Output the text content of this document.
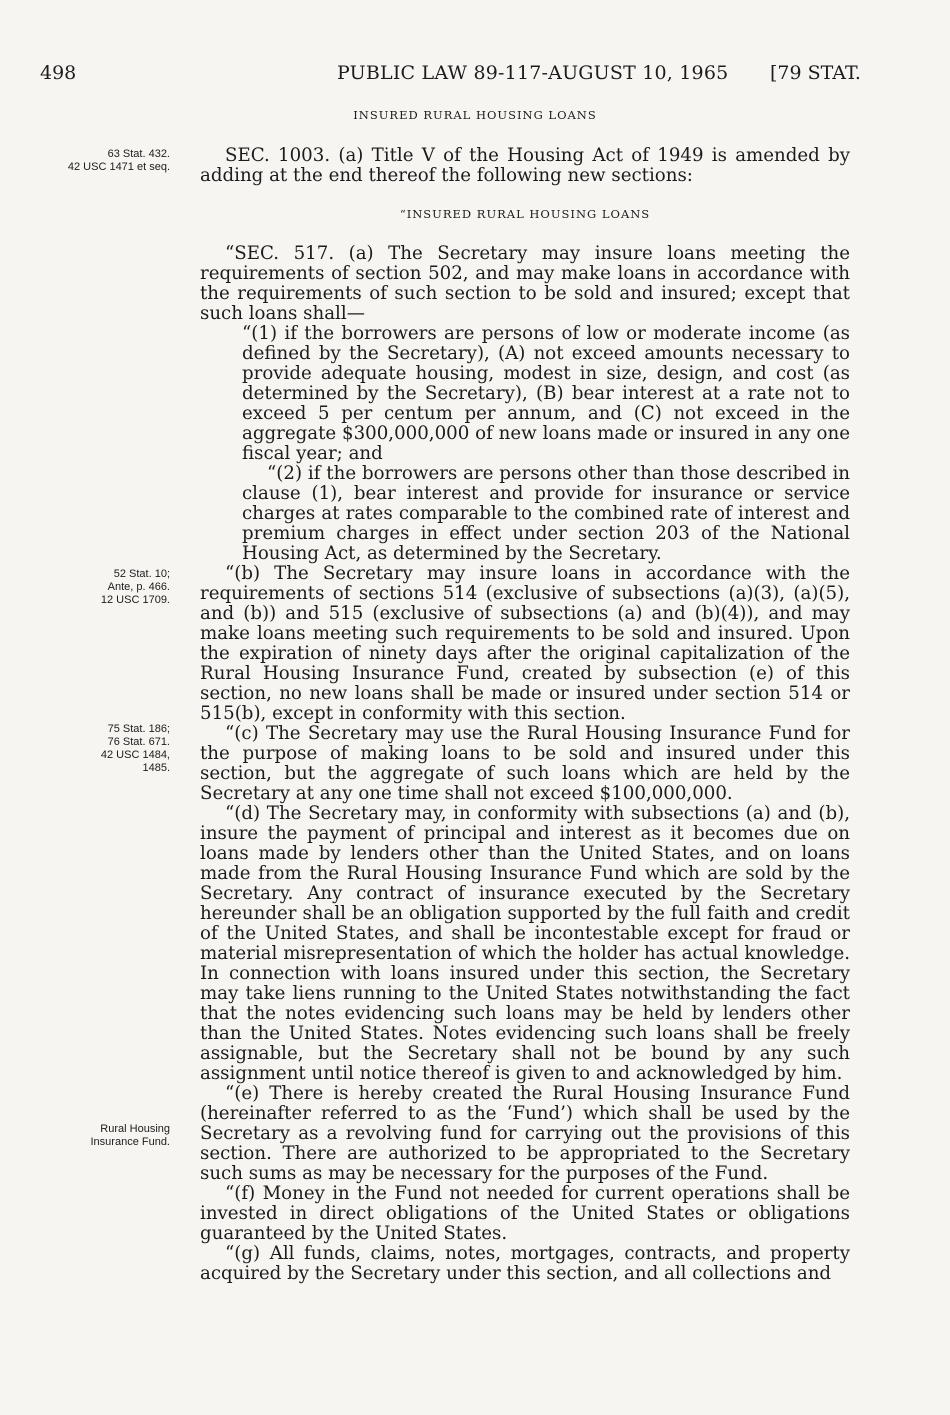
498	PUBLIC LAW 89-117-AUGUST 10, 1965 [79 STAT.
INSURED RURAL HOUSING LOANS
63 Stat. 432.
42 USC 1471 et seq.
52 Stat. 10;
Ante, p. 466.
12 USC 1709.
75 Stat. 186;
76 Stat. 671.
42 USC 1484,
1485.
Rural Housing
Insurance Fund.

SEC. 1003. (a) Title V of the Housing Act of 1949 is amended by adding at the end thereof the following new sections:

“INSURED RURAL HOUSING LOANS

“SEC. 517. (a) The Secretary may insure loans meeting the requirements of section 502, and may make loans in accordance with the requirements of such section to be sold and insured; except that such loans shall—

“(1) if the borrowers are persons of low or moderate income (as defined by the Secretary), (A) not exceed amounts necessary to provide adequate housing, modest in size, design, and cost (as determined by the Secretary), (B) bear interest at a rate not to exceed 5 per centum per annum, and (C) not exceed in the aggregate $300,000,000 of new loans made or insured in any one fiscal year; and

“(2) if the borrowers are persons other than those described in clause (1), bear interest and provide for insurance or service charges at rates comparable to the combined rate of interest and premium charges in effect under section 203 of the National Housing Act, as determined by the Secretary.

“(b) The Secretary may insure loans in accordance with the requirements of sections 514 (exclusive of subsections (a)(3), (a)(5), and (b)) and 515 (exclusive of subsections (a) and (b)(4)), and may make loans meeting such requirements to be sold and insured. Upon the expiration of ninety days after the original capitalization of the Rural Housing Insurance Fund, created by subsection (e) of this section, no new loans shall be made or insured under section 514 or 515(b), except in conformity with this section.

“(c) The Secretary may use the Rural Housing Insurance Fund for the purpose of making loans to be sold and insured under this section, but the aggregate of such loans which are held by the Secretary at any one time shall not exceed $100,000,000.

“(d) The Secretary may, in conformity with subsections (a) and (b), insure the payment of principal and interest as it becomes due on loans made by lenders other than the United States, and on loans made from the Rural Housing Insurance Fund which are sold by the Secretary. Any contract of insurance executed by the Secretary hereunder shall be an obligation supported by the full faith and credit of the United States, and shall be incontestable except for fraud or material misrepresentation of which the holder has actual knowledge. In connection with loans insured under this section, the Secretary may take liens running to the United States notwithstanding the fact that the notes evidencing such loans may be held by lenders other than the United States. Notes evidencing such loans shall be freely assignable, but the Secretary shall not be bound by any such assignment until notice thereof is given to and acknowledged by him.

“(e) There is hereby created the Rural Housing Insurance Fund (hereinafter referred to as the ‘Fund’) which shall be used by the Secretary as a revolving fund for carrying out the provisions of this section. There are authorized to be appropriated to the Secretary such sums as may be necessary for the purposes of the Fund.

“(f) Money in the Fund not needed for current operations shall be invested in direct obligations of the United States or obligations guaranteed by the United States.

“(g) All funds, claims, notes, mortgages, contracts, and property acquired by the Secretary under this section, and all collections and
